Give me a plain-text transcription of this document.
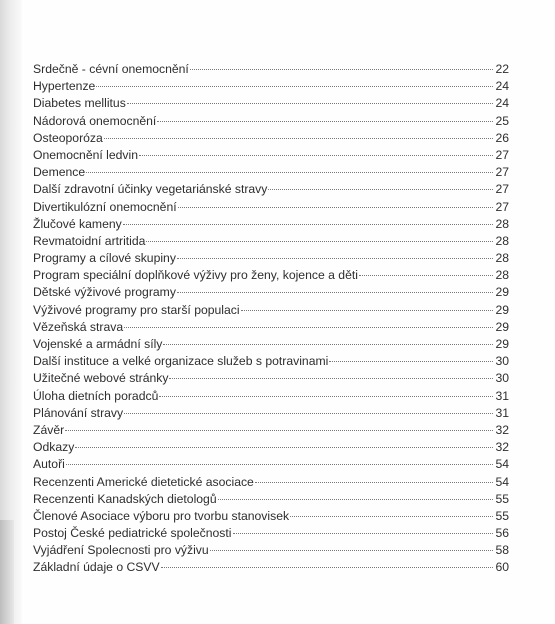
Srdečně - cévní onemocnění	22
Hypertenze	24
Diabetes mellitus	24
Nádorová onemocnění	25
Osteoporóza	26
Onemocnění ledvin	27
Demence	27
Další zdravotní účinky vegetariánské stravy	27
Divertikulózní onemocnění	27
Žlučové kameny	28
Revmatoidní artritida	28
Programy a cílové skupiny	28
Program speciální doplňkové výživy pro ženy, kojence a děti	28
Dětské výživové programy	29
Výživové programy pro starší populaci	29
Vězeňská strava	29
Vojenské a armádní síly	29
Další instituce a velké organizace služeb s potravinami	30
Užitečné webové stránky	30
Úloha dietních poradců	31
Plánování stravy	31
Závěr	32
Odkazy	32
Autoři	54
Recenzenti Americké dietetické asociace	54
Recenzenti Kanadských dietologů	55
Členové Asociace výboru pro tvorbu stanovisek	55
Postoj České pediatrické společnosti	56
Vyjádření Spolecnosti pro výživu	58
Základní údaje o CSVV	60
